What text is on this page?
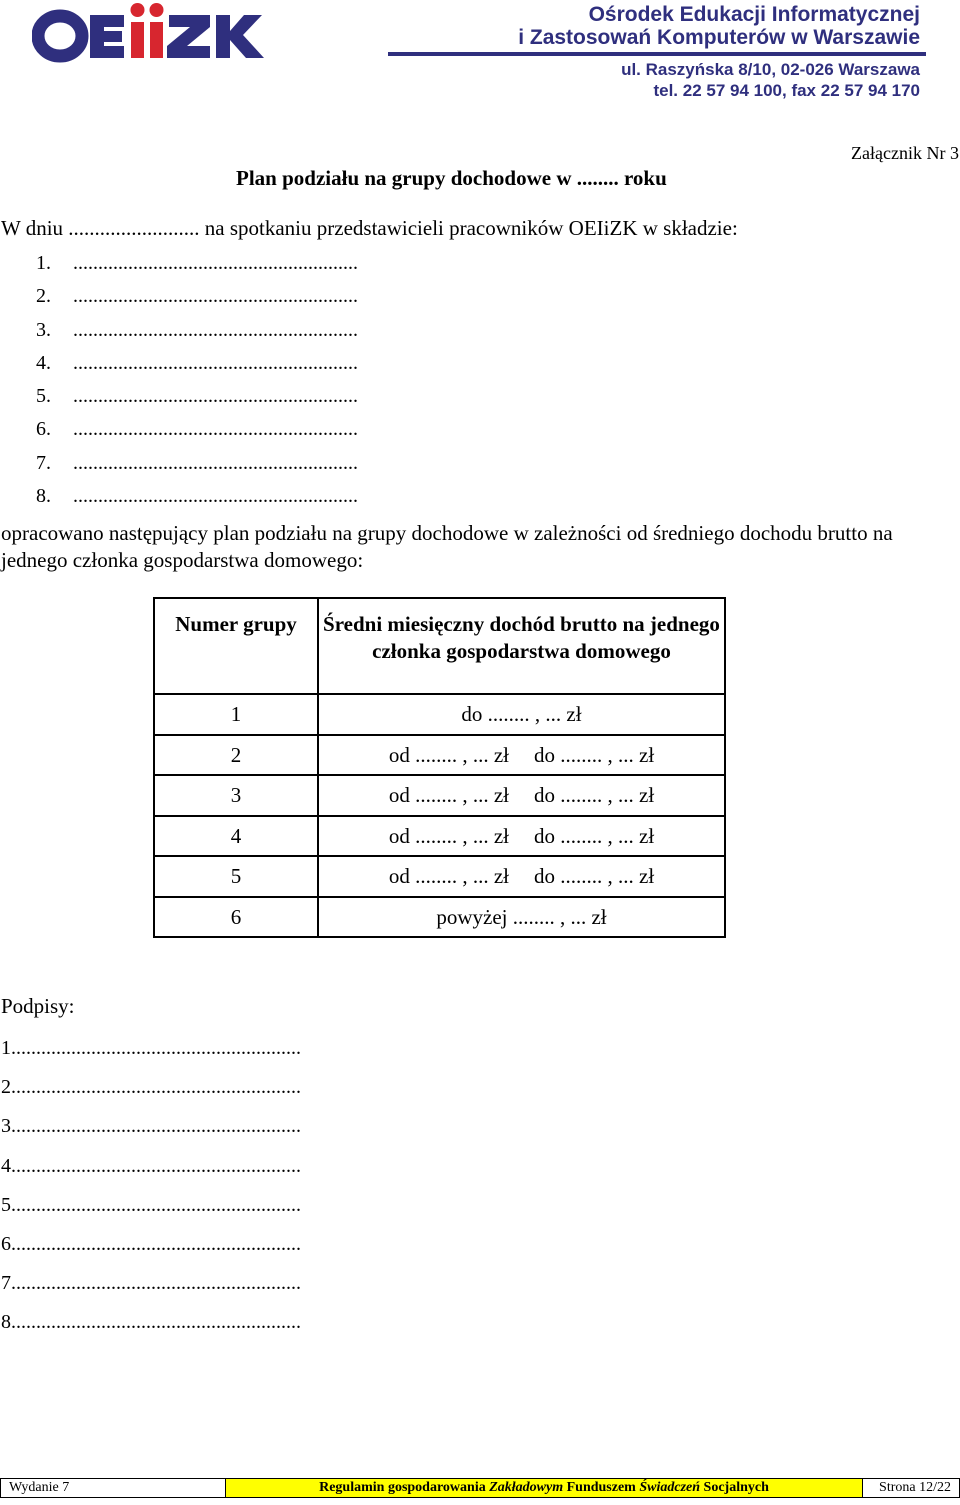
Ośrodek Edukacji Informatycznej
i Zastosowań Komputerów w Warszawie
ul. Raszyńska 8/10, 02-026 Warszawa
tel. 22 57 94 100, fax 22 57 94 170
Załącznik Nr 3
Plan podziału na grupy dochodowe w ........ roku
W dniu ......................... na spotkaniu przedstawicieli pracowników OEIiZK w składzie:
1. .........................................................
2. .........................................................
3. .........................................................
4. .........................................................
5. .........................................................
6. .........................................................
7. .........................................................
8. .........................................................
opracowano następujący plan podziału na grupy dochodowe w zależności od średniego dochodu brutto na jednego członka gospodarstwa domowego:
Numer grupy	Średni miesięczny dochód brutto na jednego członka gospodarstwa domowego
1	do ........ , ... zł
2	od ........ , ... zł do ........ , ... zł
3	od ........ , ... zł do ........ , ... zł
4	od ........ , ... zł do ........ , ... zł
5	od ........ , ... zł do ........ , ... zł
6	powyżej ........ , ... zł
Podpisy:
1..........................................................
2..........................................................
3..........................................................
4..........................................................
5..........................................................
6..........................................................
7..........................................................
8..........................................................
Wydanie 7	Regulamin gospodarowania Zakładowym Funduszem Świadczeń Socjalnych	Strona 12/22
